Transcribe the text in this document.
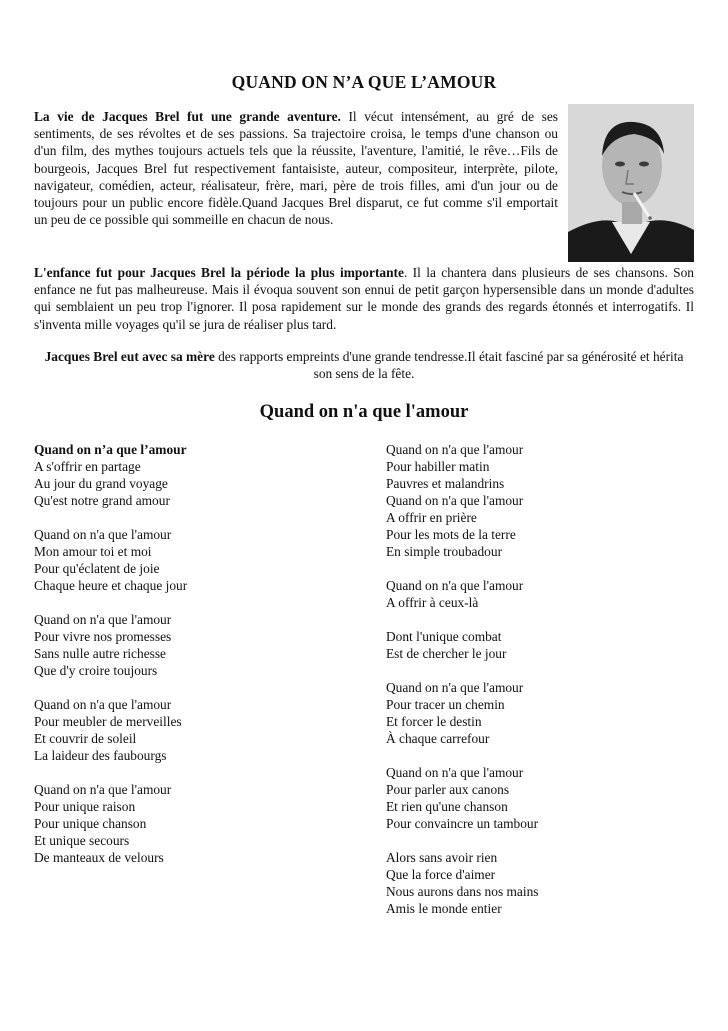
QUAND ON N’A QUE L’AMOUR

La vie de Jacques Brel fut une grande aventure. Il vécut intensément, au gré de ses sentiments, de ses révoltes et de ses passions. Sa trajectoire croisa, le temps d'une chanson ou d'un film, des mythes toujours actuels tels que la réussite, l'aventure, l'amitié, le rêve…Fils de bourgeois, Jacques Brel fut respectivement fantaisiste, auteur, compositeur, interprète, pilote, navigateur, comédien, acteur, réalisateur, frère, mari, père de trois filles, ami d'un jour ou de toujours pour un public encore fidèle.Quand Jacques Brel disparut, ce fut comme s'il emportait un peu de ce possible qui sommeille en chacun de nous.

L'enfance fut pour Jacques Brel la période la plus importante. Il la chantera dans plusieurs de ses chansons. Son enfance ne fut pas malheureuse. Mais il évoqua souvent son ennui de petit garçon hypersensible dans un monde d'adultes qui semblaient un peu trop l'ignorer. Il posa rapidement sur le monde des grands des regards étonnés et interrogatifs. Il s'inventa mille voyages qu'il se jura de réaliser plus tard.

Jacques Brel eut avec sa mère des rapports empreints d'une grande tendresse.Il était fasciné par sa générosité et hérita son sens de la fête.

Quand on n'a que l'amour
Quand on n’a que l’amour
A s'offrir en partage
Au jour du grand voyage
Qu'est notre grand amour
Quand on n'a que l'amour
Mon amour toi et moi
Pour qu'éclatent de joie
Chaque heure et chaque jour
Quand on n'a que l'amour
Pour vivre nos promesses
Sans nulle autre richesse
Que d'y croire toujours
Quand on n'a que l'amour
Pour meubler de merveilles
Et couvrir de soleil
La laideur des faubourgs
Quand on n'a que l'amour
Pour unique raison
Pour unique chanson
Et unique secours
De manteaux de velours
Quand on n'a que l'amour
Pour habiller matin
Pauvres et malandrins
Quand on n'a que l'amour
A offrir en prière
Pour les mots de la terre
En simple troubadour
Quand on n'a que l'amour
A offrir à ceux-là
Dont l'unique combat
Est de chercher le jour
Quand on n'a que l'amour
Pour tracer un chemin
Et forcer le destin
À chaque carrefour
Quand on n'a que l'amour
Pour parler aux canons
Et rien qu'une chanson
Pour convaincre un tambour
Alors sans avoir rien
Que la force d'aimer
Nous aurons dans nos mains
Amis le monde entier
